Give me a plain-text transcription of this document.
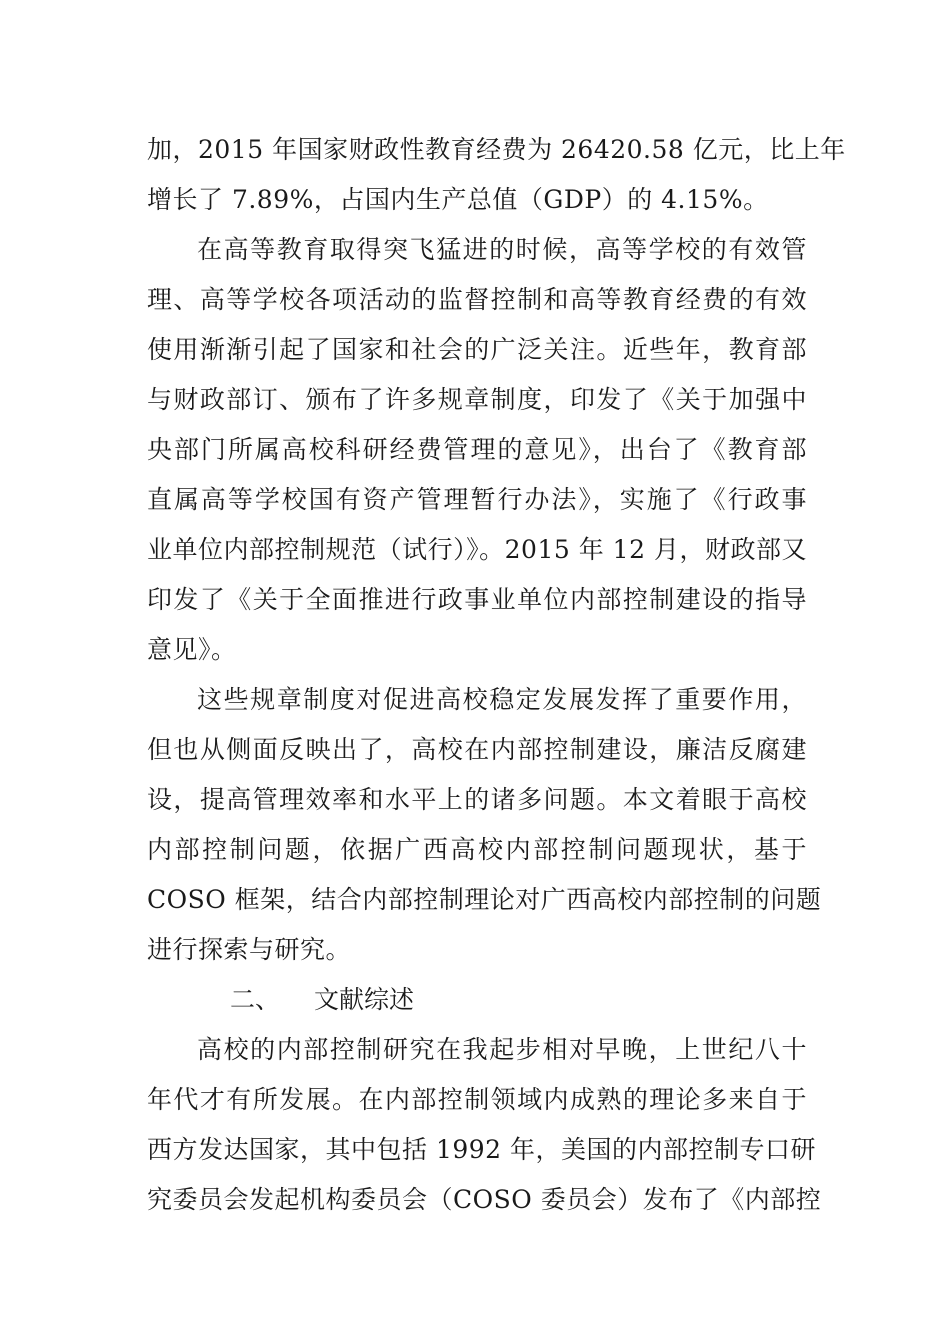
加，2015 年国家财政性教育经费为 26420.58 亿元，比上年
增长了 7.89%，占国内生产总值（GDP）的 4.15%。
在高等教育取得突飞猛进的时候，高等学校的有效管
理、高等学校各项活动的监督控制和高等教育经费的有效
使用渐渐引起了国家和社会的广泛关注。近些年，教育部
与财政部订、颁布了许多规章制度，印发了《关于加强中
央部门所属高校科研经费管理的意见》，出台了《教育部
直属高等学校国有资产管理暂行办法》，实施了《行政事
业单位内部控制规范（试行）》。2015 年 12 月，财政部又
印发了《关于全面推进行政事业单位内部控制建设的指导
意见》。
这些规章制度对促进高校稳定发展发挥了重要作用，
但也从侧面反映出了，高校在内部控制建设，廉洁反腐建
设，提高管理效率和水平上的诸多问题。本文着眼于高校
内部控制问题，依据广西高校内部控制问题现状，基于
COSO 框架，结合内部控制理论对广西高校内部控制的问题
进行探索与研究。
二、 文献综述
高校的内部控制研究在我起步相对早晚，上世纪八十
年代才有所发展。在内部控制领域内成熟的理论多来自于
西方发达国家，其中包括 1992 年，美国的内部控制专口研
究委员会发起机构委员会（COSO 委员会）发布了《内部控
